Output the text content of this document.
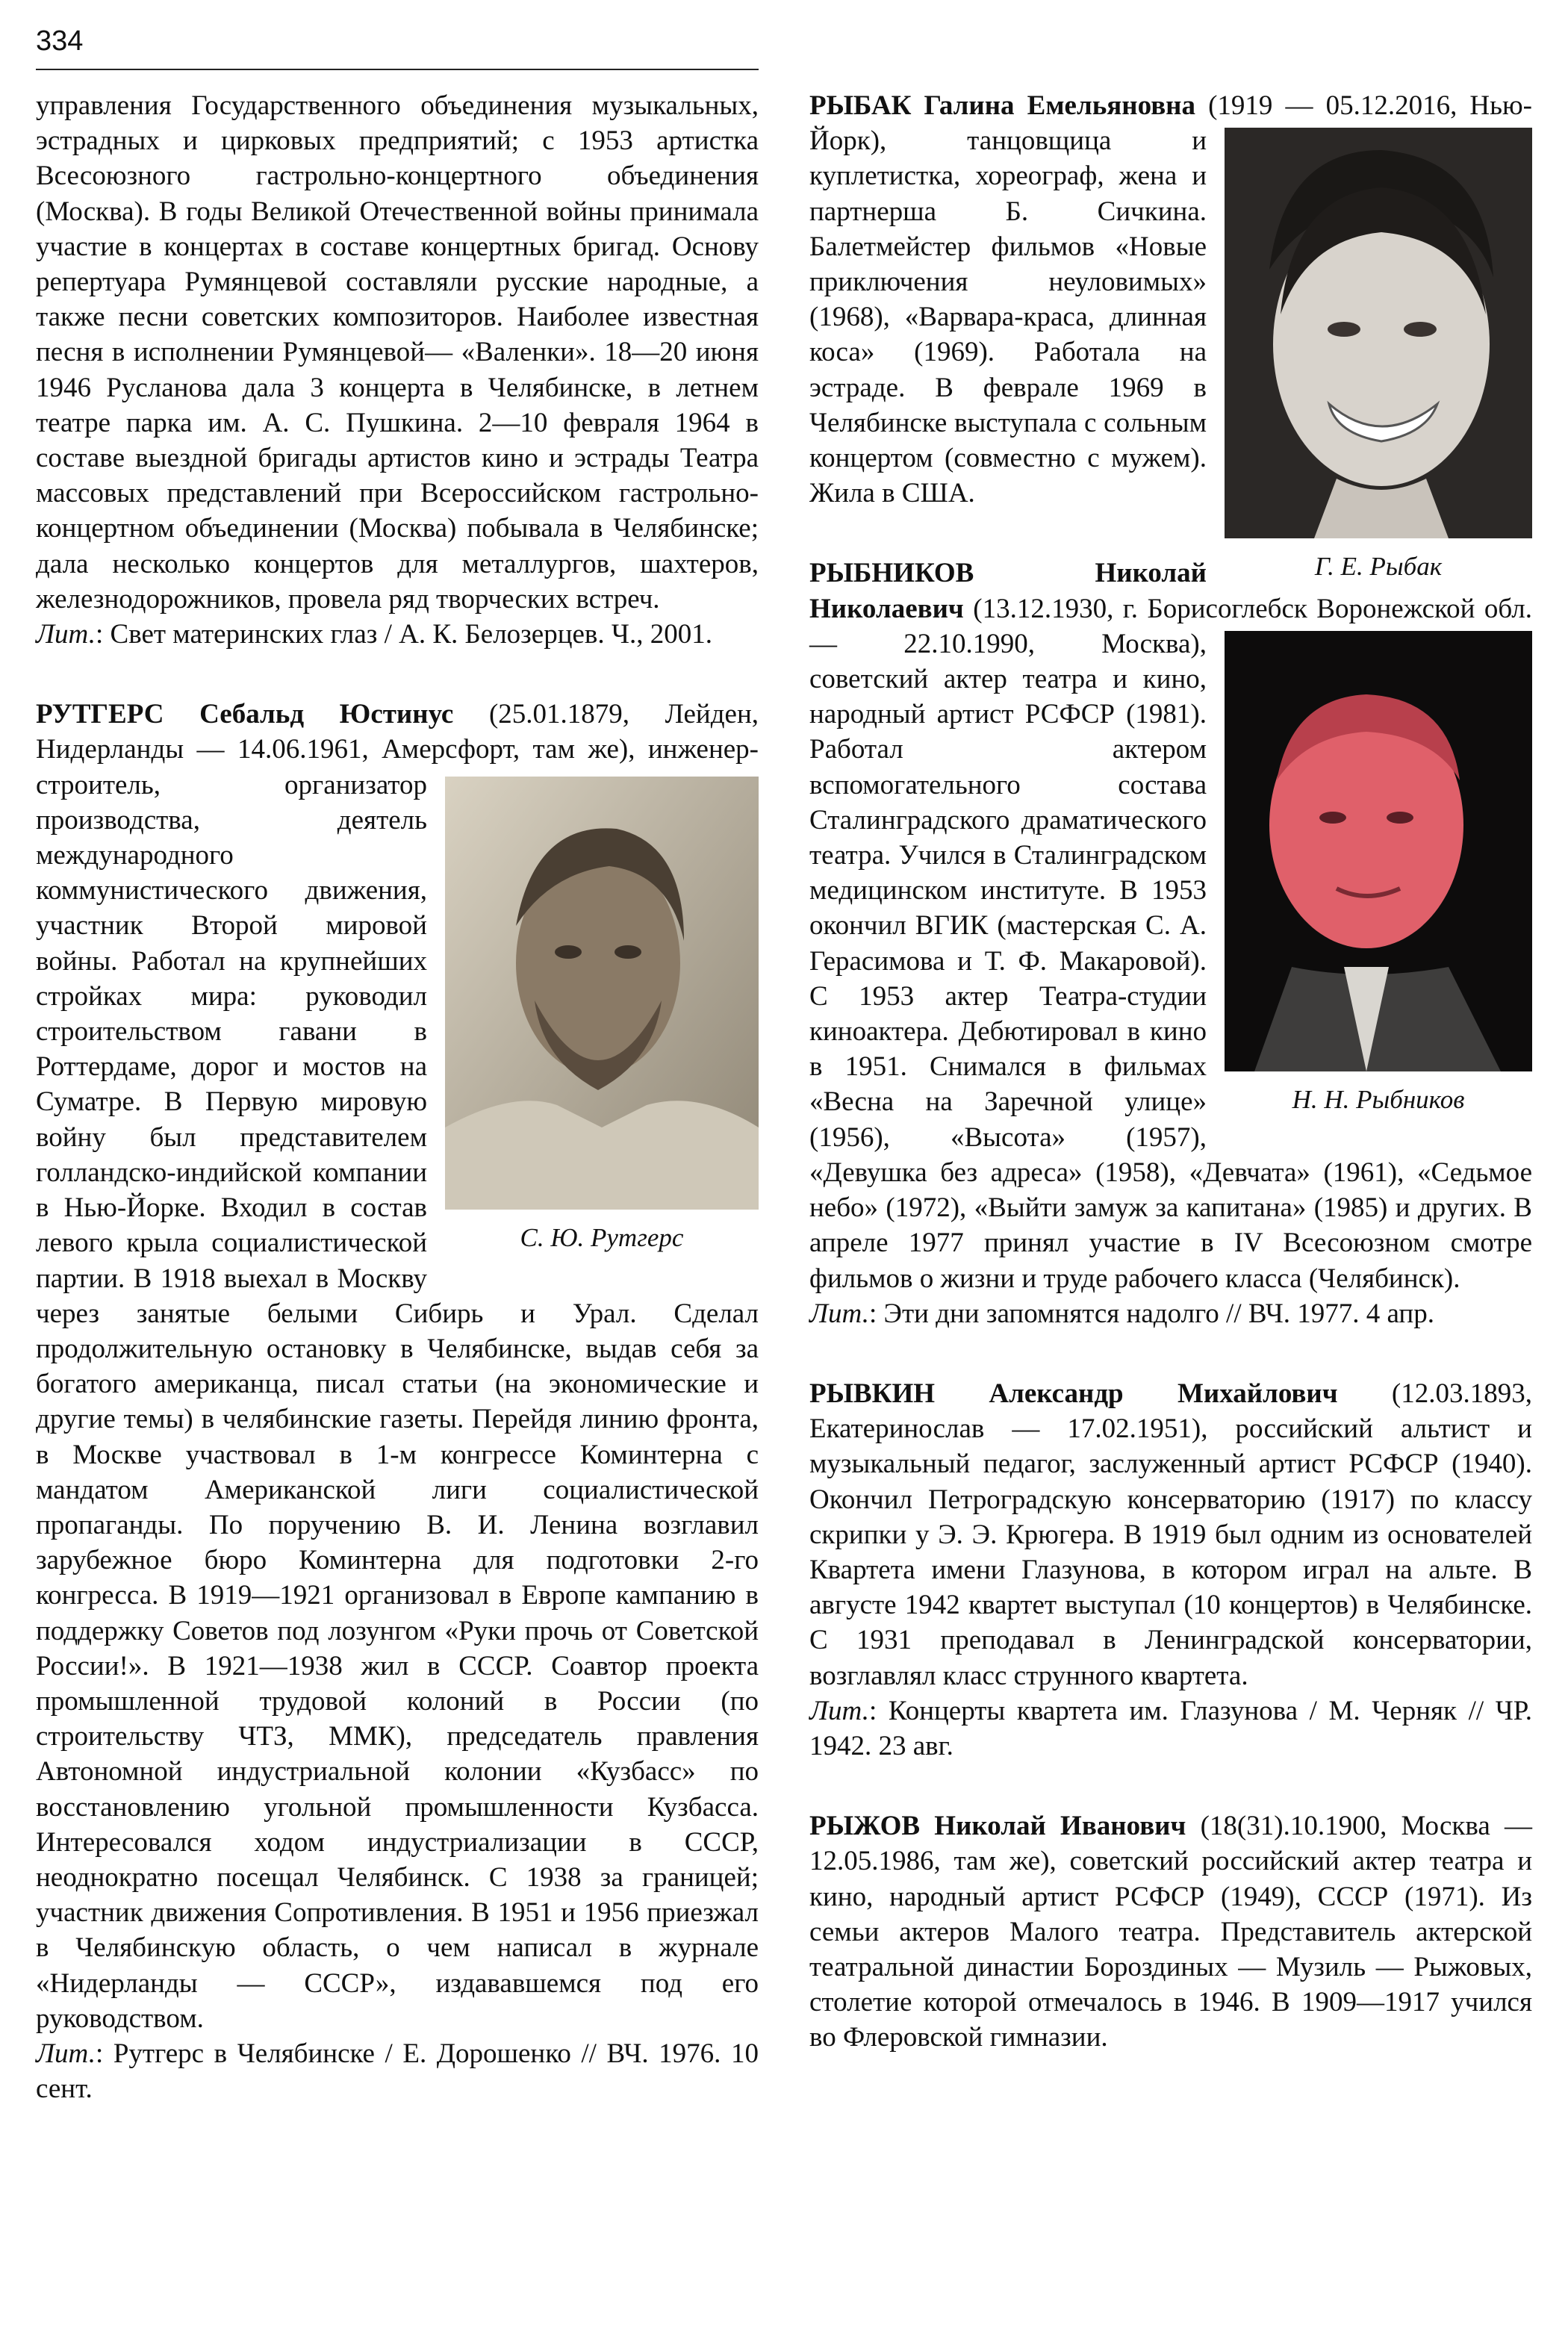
334

управления Государственного объединения музыкальных, эстрадных и цирковых предприятий; с 1953 артистка Всесоюзного гастрольно-концертного объединения (Москва). В годы Великой Отечественной войны принимала участие в концертах в составе концертных бригад. Основу репертуара Румянцевой составляли русские народные, а также песни советских композиторов. Наиболее известная песня в исполнении Румянцевой— «Валенки». 18—20 июня 1946 Русланова дала 3 концерта в Челябинске, в летнем театре парка им. А. С. Пушкина. 2—10 февраля 1964 в составе выездной бригады артистов кино и эстрады Театра массовых представлений при Всероссийском гастрольно-концертном объединении (Москва) побывала в Челябинске; дала несколько концертов для металлургов, шахтеров, железнодорожников, провела ряд творческих встреч.

Лит.: Свет материнских глаз / А. К. Белозерцев. Ч., 2001.

РУТГЕРС Себальд Юстинус (25.01.1879, Лейден, Нидерланды — 14.06.1961, Амерсфорт, там же),
С. Ю. Рутгерс
инженер-строитель, организатор производства, деятель международного коммунистического движения, участник Второй мировой войны. Работал на крупнейших стройках мира: руководил строительством гавани в Роттердаме, дорог и мостов на Суматре. В Первую мировую войну был представителем голландско-индийской компании в Нью-Йорке. Входил в состав левого крыла социалистической партии. В 1918 выехал в Москву через занятые белыми Сибирь и Урал. Сделал продолжительную остановку в Челябинске, выдав себя за богатого американца, писал статьи (на экономические и другие темы) в челябинские газеты. Перейдя линию фронта, в Москве участвовал в 1-м конгрессе Коминтерна с мандатом Американской лиги социалистической пропаганды. По поручению В. И. Ленина возглавил зарубежное бюро Коминтерна для подготовки 2-го конгресса. В 1919—1921 организовал в Европе кампанию в поддержку Советов под лозунгом «Руки прочь от Советской России!». В 1921—1938 жил в СССР. Соавтор проекта промышленной трудовой колоний в России (по строительству ЧТЗ, ММК), председатель правления Автономной индустриальной колонии «Кузбасс» по восстановлению угольной промышленности Кузбасса. Интересовался ходом индустриализации в СССР, неоднократно посещал Челябинск. С 1938 за границей; участник движения Сопротивления. В 1951 и 1956 приезжал в Челябинскую область, о чем написал в журнале «Нидерланды — СССР», издававшемся под его руководством.

Лит.: Рутгерс в Челябинске / Е. Дорошенко // ВЧ. 1976. 10 сент.

РЫБАК Галина Емельяновна (1919 — 05.12.2016, Нью-Йорк),
Г. Е. Рыбак
танцовщица и куплетистка, хореограф, жена и партнерша Б. Сичкина. Балетмейстер фильмов «Новые приключения неуловимых» (1968), «Варвара-краса, длинная коса» (1969). Работала на эстраде. В феврале 1969 в Челябинске выступала с сольным концертом (совместно с мужем). Жила в США.

РЫБНИКОВ Николай Николаевич (13.12.1930, г. Борисоглебск Воронежской обл. — 22.10.1990, Москва),
Н. Н. Рыбников
советский актер театра и кино, народный артист РСФСР (1981). Работал актером вспомогательного состава Сталинградского драматического театра. Учился в Сталинградском медицинском институте. В 1953 окончил ВГИК (мастерская С. А. Герасимова и Т. Ф. Макаровой). С 1953 актер Театра-студии киноактера. Дебютировал в кино в 1951. Снимался в фильмах «Весна на Заречной улице» (1956), «Высота» (1957), «Девушка без адреса» (1958), «Девчата» (1961), «Седьмое небо» (1972), «Выйти замуж за капитана» (1985) и других. В апреле 1977 принял участие в IV Всесоюзном смотре фильмов о жизни и труде рабочего класса (Челябинск).

Лит.: Эти дни запомнятся надолго // ВЧ. 1977. 4 апр.

РЫВКИН Александр Михайлович (12.03.1893, Екатеринослав — 17.02.1951), российский альтист и музыкальный педагог, заслуженный артист РСФСР (1940). Окончил Петроградскую консерваторию (1917) по классу скрипки у Э. Э. Крюгера. В 1919 был одним из основателей Квартета имени Глазунова, в котором играл на альте. В августе 1942 квартет выступал (10 концертов) в Челябинске. С 1931 преподавал в Ленинградской консерватории, возглавлял класс струнного квартета.

Лит.: Концерты квартета им. Глазунова / М. Черняк // ЧР. 1942. 23 авг.

РЫЖОВ Николай Иванович (18(31).10.1900, Москва — 12.05.1986, там же), советский российский актер театра и кино, народный артист РСФСР (1949), СССР (1971). Из семьи актеров Малого театра. Представитель актерской театральной династии Бороздиных — Музиль — Рыжовых, столетие которой отмечалось в 1946. В 1909—1917 учился во Флеровской гимназии.
